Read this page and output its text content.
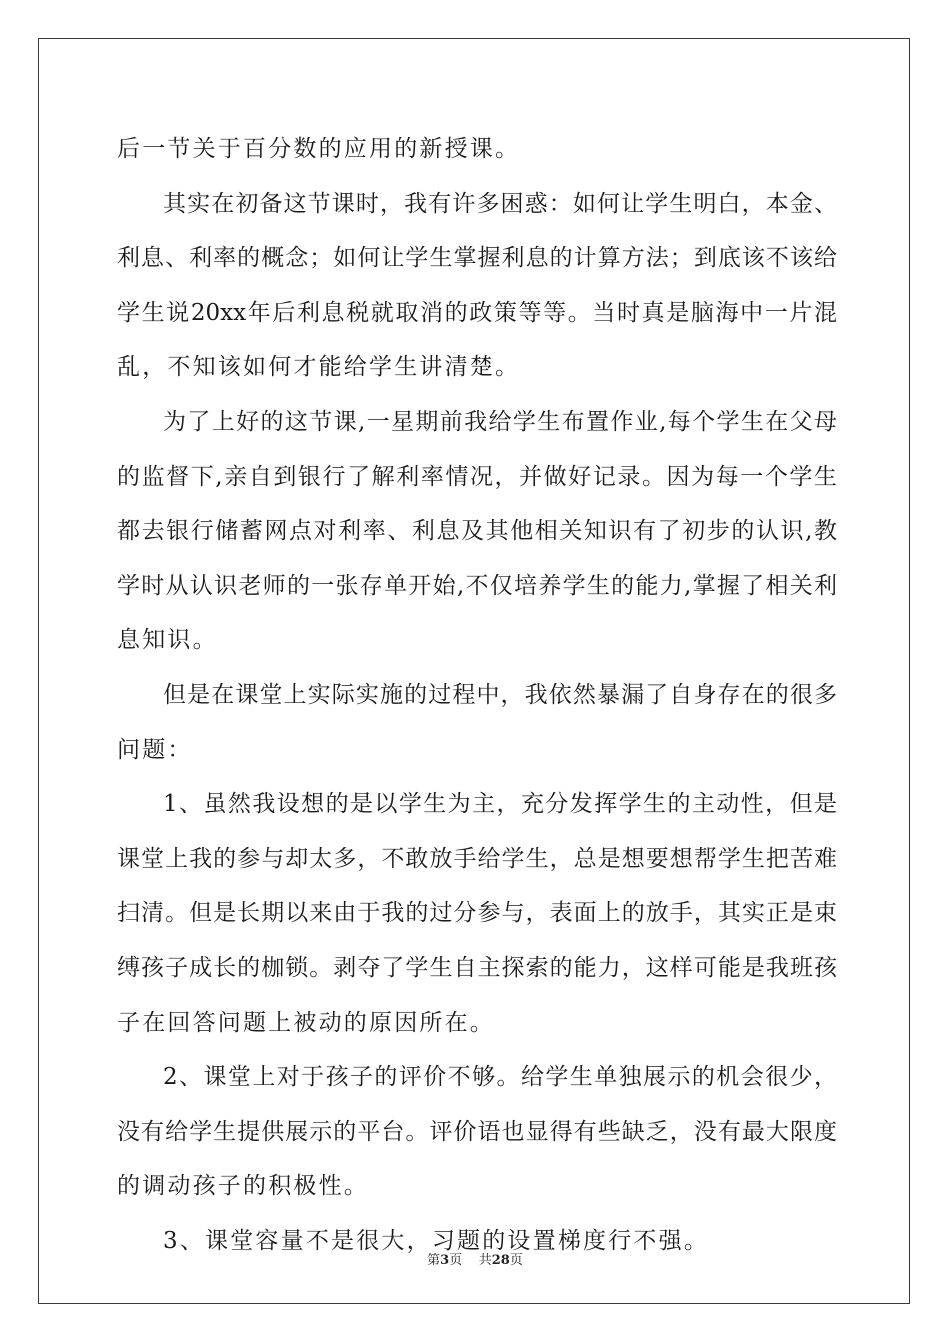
后一节关于百分数的应用的新授课。
其实在初备这节课时，我有许多困惑：如何让学生明白，本金、
利息、利率的概念；如何让学生掌握利息的计算方法；到底该不该给
学生说20xx年后利息税就取消的政策等等。当时真是脑海中一片混
乱，不知该如何才能给学生讲清楚。
为了上好的这节课,一星期前我给学生布置作业,每个学生在父母
的监督下,亲自到银行了解利率情况，并做好记录。因为每一个学生
都去银行储蓄网点对利率、利息及其他相关知识有了初步的认识,教
学时从认识老师的一张存单开始,不仅培养学生的能力,掌握了相关利
息知识。
但是在课堂上实际实施的过程中，我依然暴漏了自身存在的很多
问题：
1、虽然我设想的是以学生为主，充分发挥学生的主动性，但是
课堂上我的参与却太多，不敢放手给学生，总是想要想帮学生把苦难
扫清。但是长期以来由于我的过分参与，表面上的放手，其实正是束
缚孩子成长的枷锁。剥夺了学生自主探索的能力，这样可能是我班孩
子在回答问题上被动的原因所在。
2、课堂上对于孩子的评价不够。给学生单独展示的机会很少，
没有给学生提供展示的平台。评价语也显得有些缺乏，没有最大限度
的调动孩子的积极性。
3、课堂容量不是很大，习题的设置梯度行不强。
第3页 共28页
